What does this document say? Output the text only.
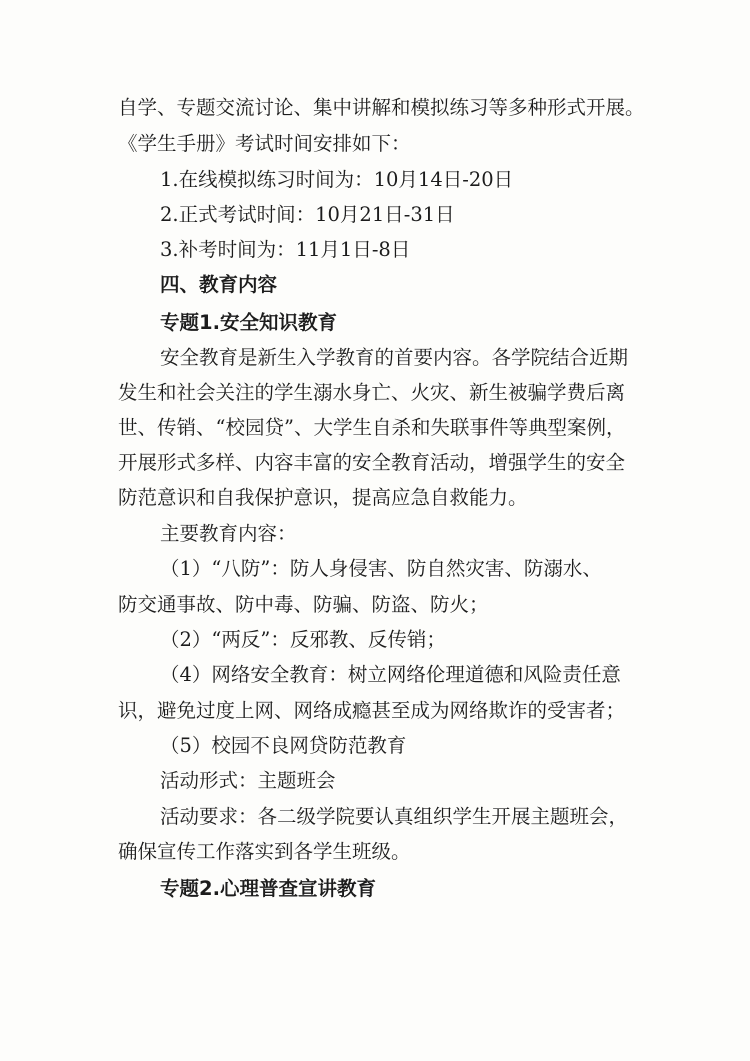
自学、专题交流讨论、集中讲解和模拟练习等多种形式开展。
《学生手册》考试时间安排如下：
1.在线模拟练习时间为：10月14日-20日
2.正式考试时间：10月21日-31日
3.补考时间为：11月1日-8日
四、教育内容
专题1.安全知识教育
安全教育是新生入学教育的首要内容。各学院结合近期
发生和社会关注的学生溺水身亡、火灾、新生被骗学费后离
世、传销、“校园贷”、大学生自杀和失联事件等典型案例，
开展形式多样、内容丰富的安全教育活动，增强学生的安全
防范意识和自我保护意识，提高应急自救能力。
主要教育内容：
（1）“八防”：防人身侵害、防自然灾害、防溺水、
防交通事故、防中毒、防骗、防盗、防火；
（2）“两反”：反邪教、反传销；
（4）网络安全教育：树立网络伦理道德和风险责任意
识，避免过度上网、网络成瘾甚至成为网络欺诈的受害者；
（5）校园不良网贷防范教育
活动形式：主题班会
活动要求：各二级学院要认真组织学生开展主题班会，
确保宣传工作落实到各学生班级。
专题2.心理普查宣讲教育
